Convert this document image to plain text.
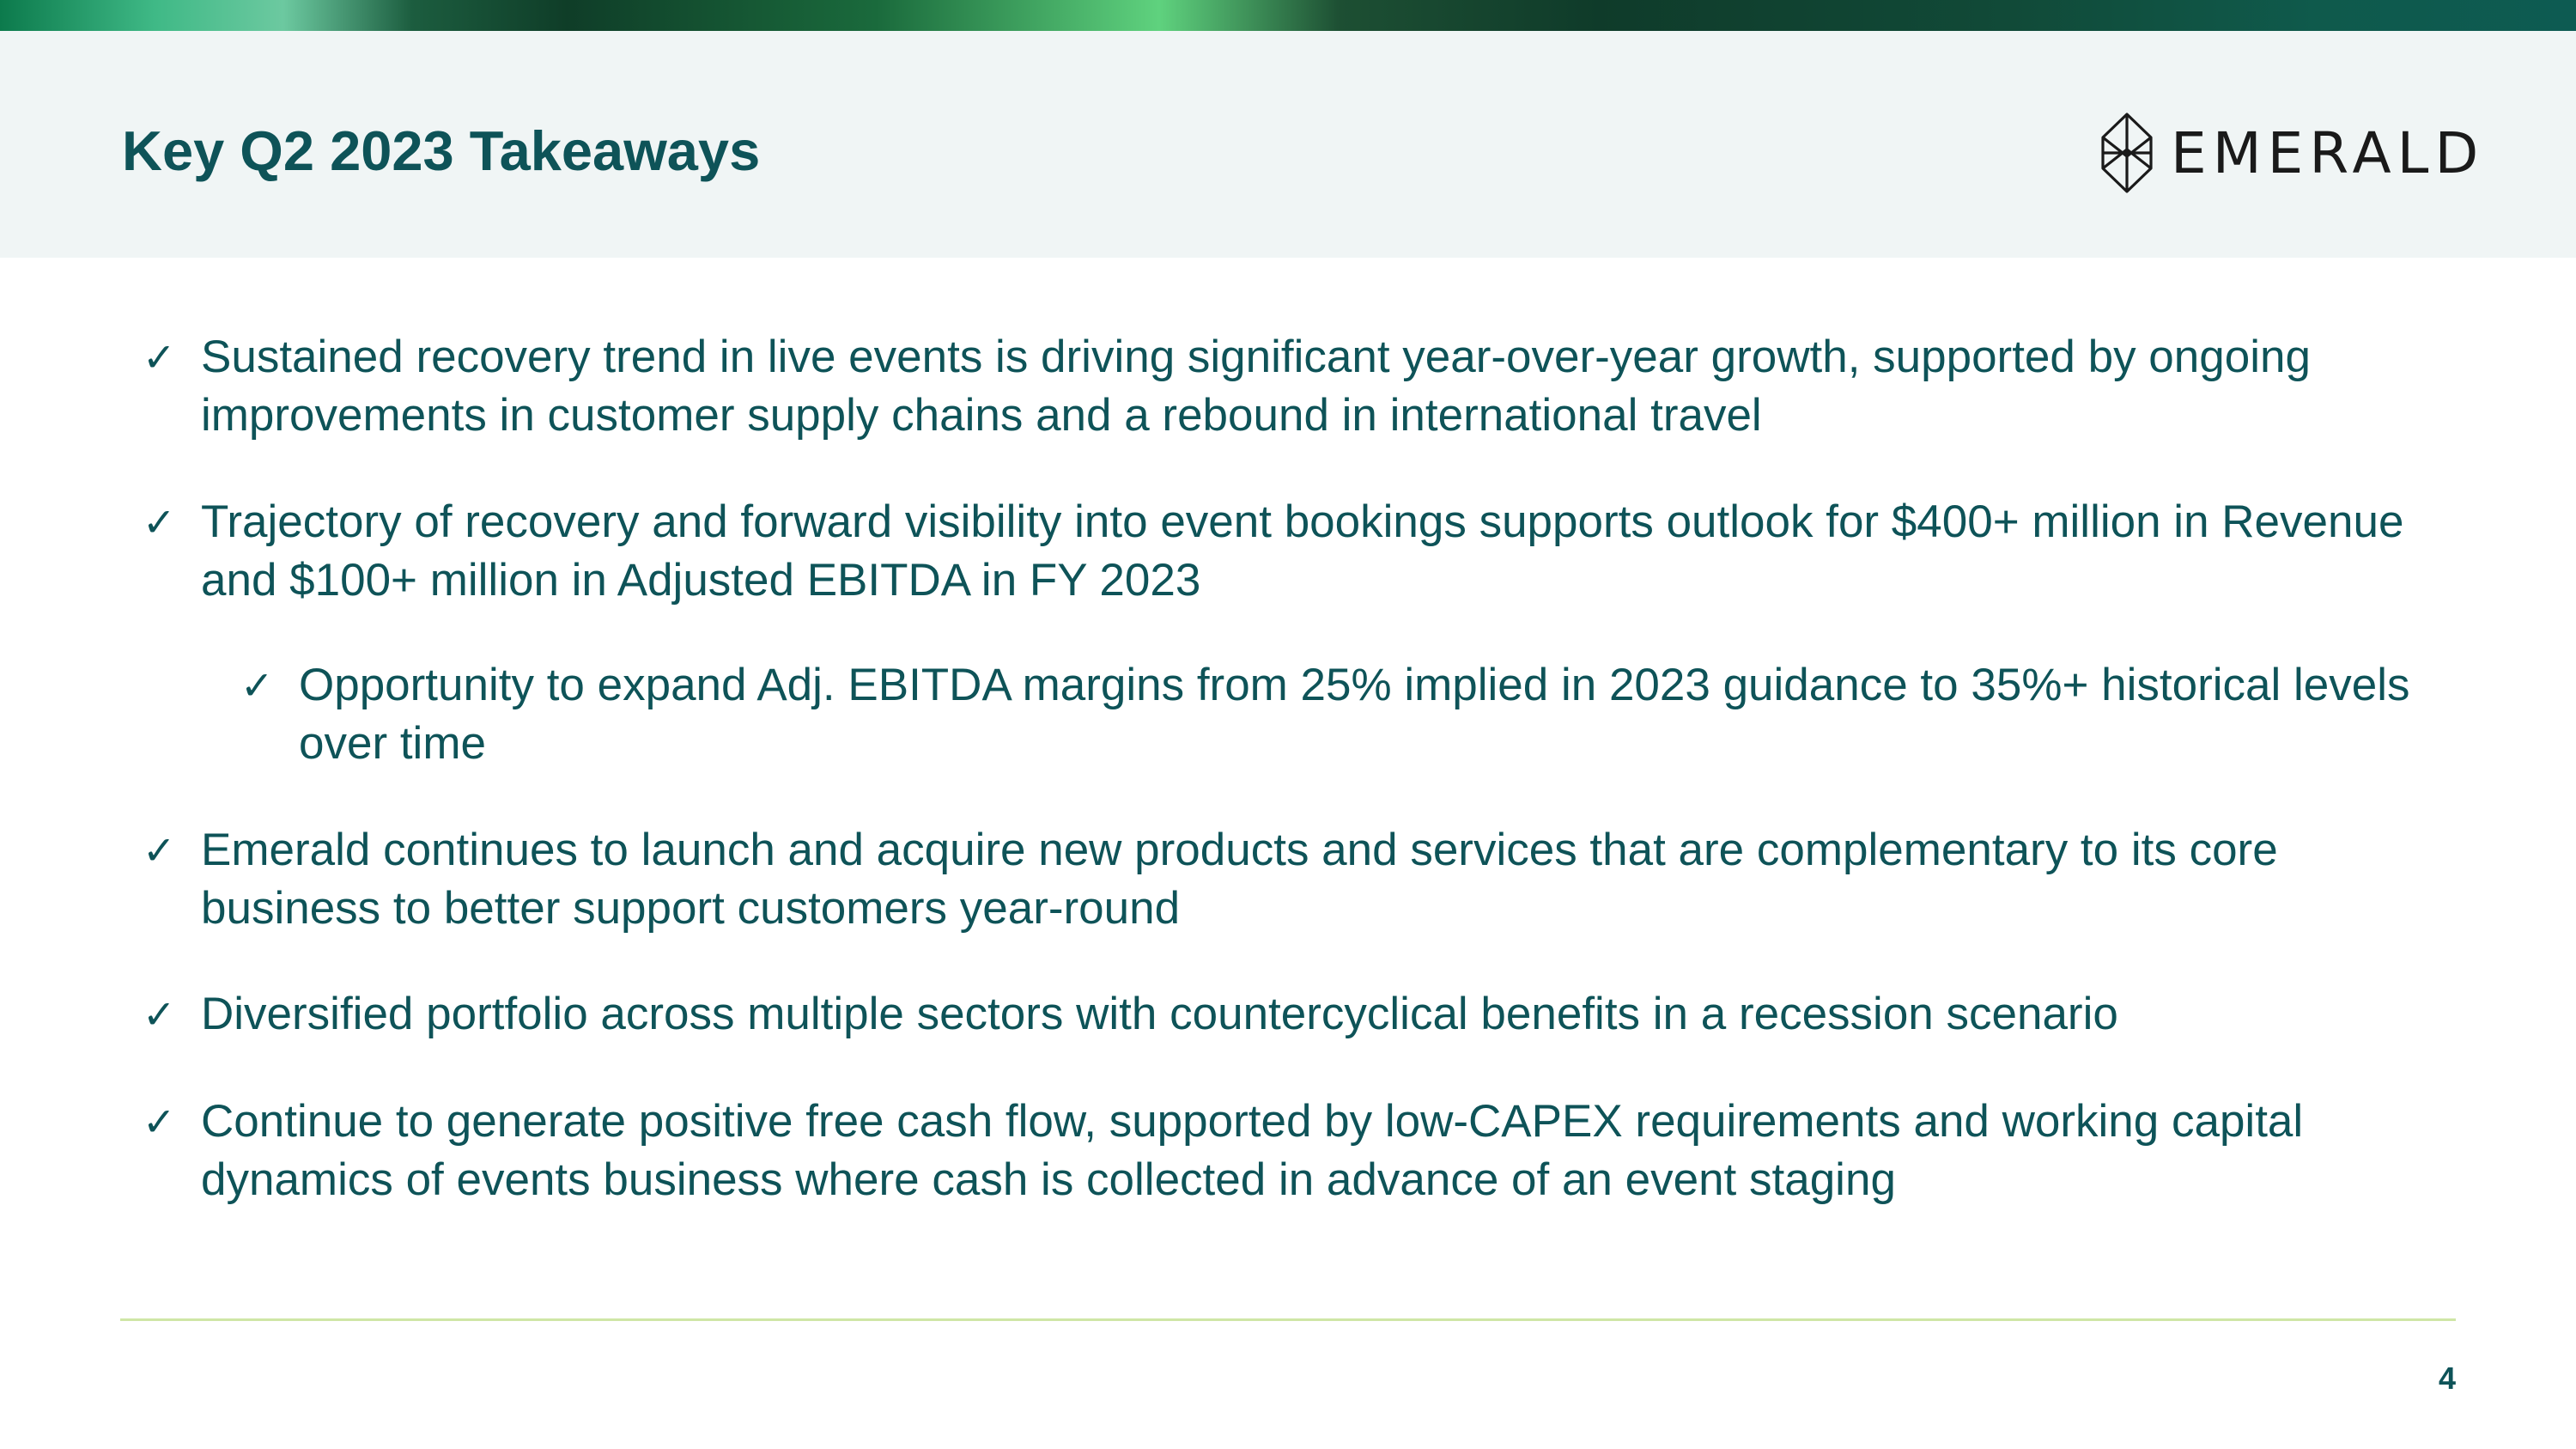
Key Q2 2023 Takeaways	EMERALD
✓ Sustained recovery trend in live events is driving significant year-over-year growth, supported by ongoing improvements in customer supply chains and a rebound in international travel
✓ Trajectory of recovery and forward visibility into event bookings supports outlook for $400+ million in Revenue and $100+ million in Adjusted EBITDA in FY 2023
✓ Opportunity to expand Adj. EBITDA margins from 25% implied in 2023 guidance to 35%+ historical levels over time
✓ Emerald continues to launch and acquire new products and services that are complementary to its core business to better support customers year-round
✓ Diversified portfolio across multiple sectors with countercyclical benefits in a recession scenario
✓ Continue to generate positive free cash flow, supported by low-CAPEX requirements and working capital dynamics of events business where cash is collected in advance of an event staging
4
